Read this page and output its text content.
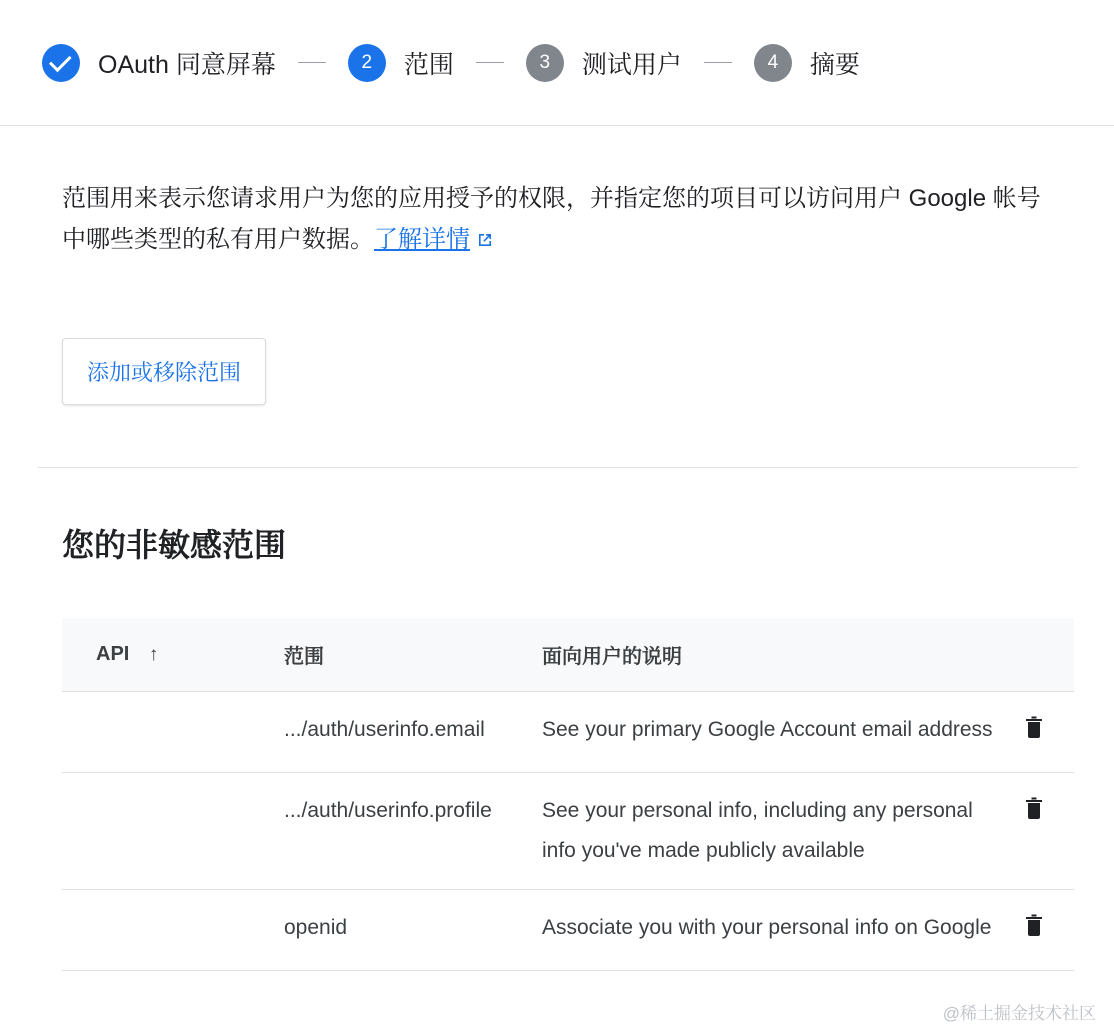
OAuth 同意屏幕	2	范围	3	测试用户	4	摘要

范围用来表示您请求用户为您的应用授予的权限，并指定您的项目可以访问用户 Google 帐号中哪些类型的私有用户数据。了解详情

添加或移除范围
您的非敏感范围
API ↑	范围	面向用户的说明	
	.../auth/userinfo.email	See your primary Google Account email address	
	.../auth/userinfo.profile	See your personal info, including any personal info you've made publicly available	
	openid	Associate you with your personal info on Google	
@稀土掘金技术社区
